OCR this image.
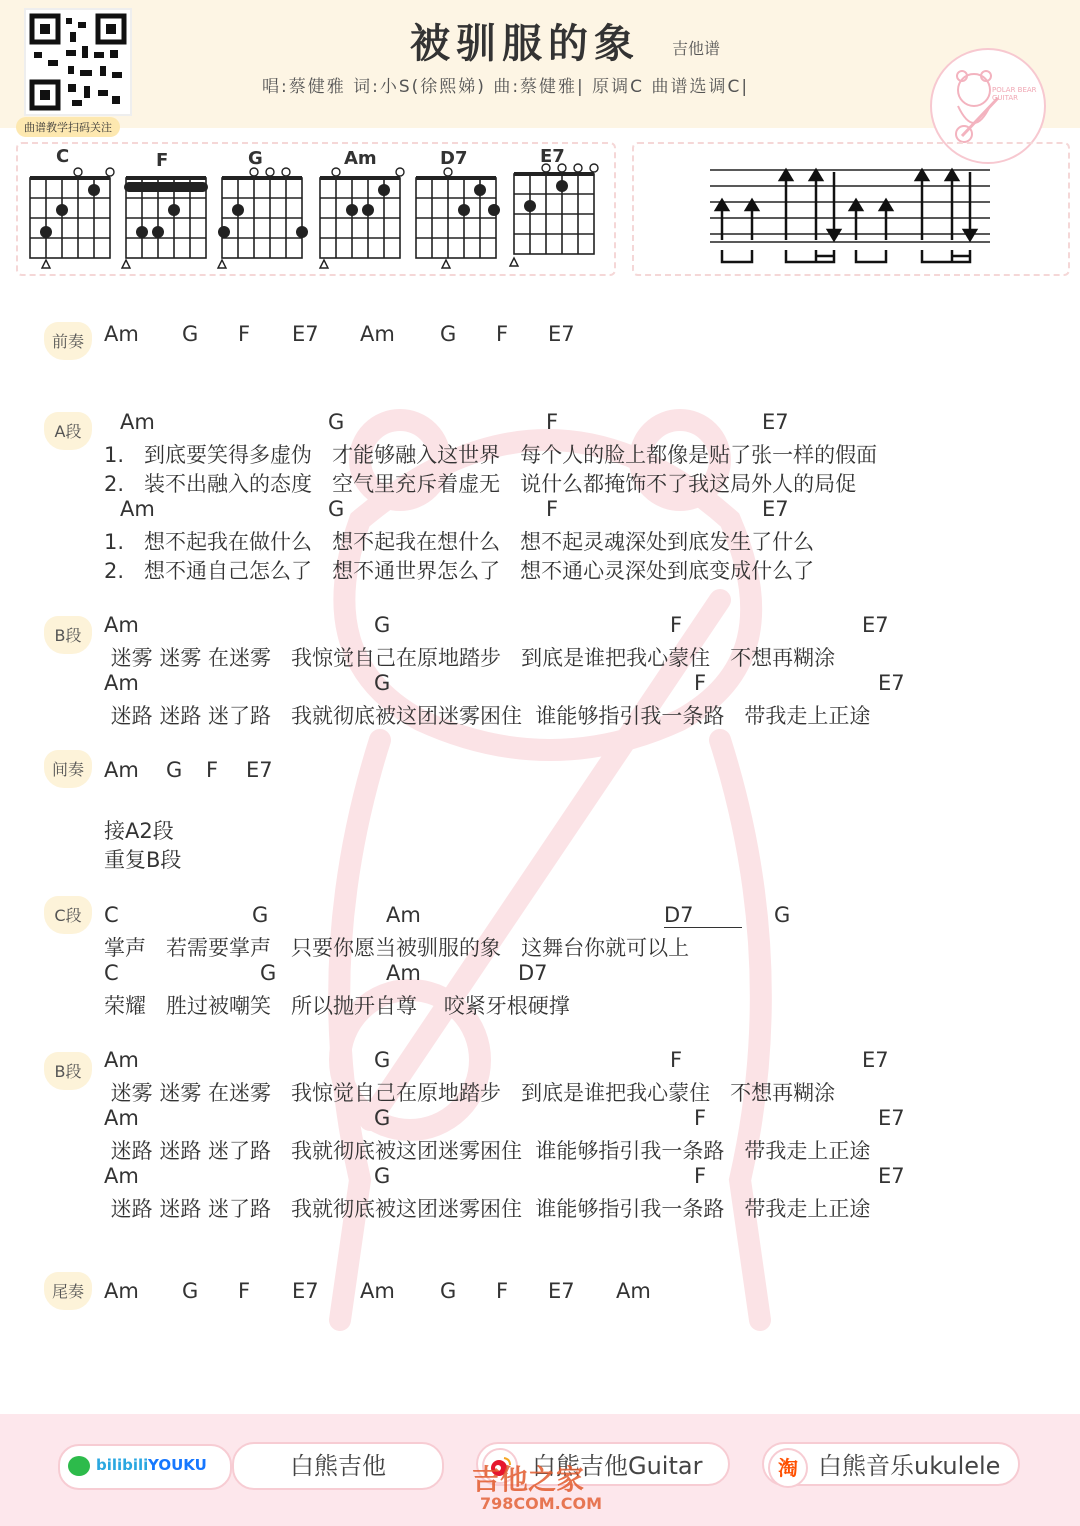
曲谱教学扫码关注
被驯服的象 吉他谱
唱:蔡健雅 词:小S(徐熙娣) 曲:蔡健雅| 原调C 曲谱选调C|	POLAR BEAR GUITAR
C	F	G	Am	D7	E7
前奏 Am G F E7 Am G F E7
A段	Am	G	F	E7
1.   到底要笑得多虚伪   才能够融入这世界   每个人的脸上都像是贴了张一样的假面
2.   装不出融入的态度   空气里充斥着虚无   说什么都掩饰不了我这局外人的局促
Am	G	F	E7
1.   想不起我在做什么   想不起我在想什么   想不起灵魂深处到底发生了什么
2.   想不通自己怎么了   想不通世界怎么了   想不通心灵深处到底变成什么了
B段	Am	G	F	E7
迷雾 迷雾 在迷雾   我惊觉自己在原地踏步   到底是谁把我心蒙住   不想再糊涂
Am	G	F	E7
迷路 迷路 迷了路   我就彻底被这团迷雾困住  谁能够指引我一条路   带我走上正途
间奏 Am G F E7
接A2段
重复B段
C段	C	G	Am	D7	G
掌声   若需要掌声   只要你愿当被驯服的象   这舞台你就可以上
C	G	Am	D7
荣耀   胜过被嘲笑   所以抛开自尊    咬紧牙根硬撑
B段	Am	G	F	E7
迷雾 迷雾 在迷雾   我惊觉自己在原地踏步   到底是谁把我心蒙住   不想再糊涂
Am	G	F	E7
迷路 迷路 迷了路   我就彻底被这团迷雾困住  谁能够指引我一条路   带我走上正途
Am	G	F	E7
迷路 迷路 迷了路   我就彻底被这团迷雾困住  谁能够指引我一条路   带我走上正途
尾奏 Am G F E7 Am G F E7 Am
bilibili YOUKU	白熊吉他	白熊吉他Guitar	白熊音乐ukulele
淘
吉他之家
798COM.COM
